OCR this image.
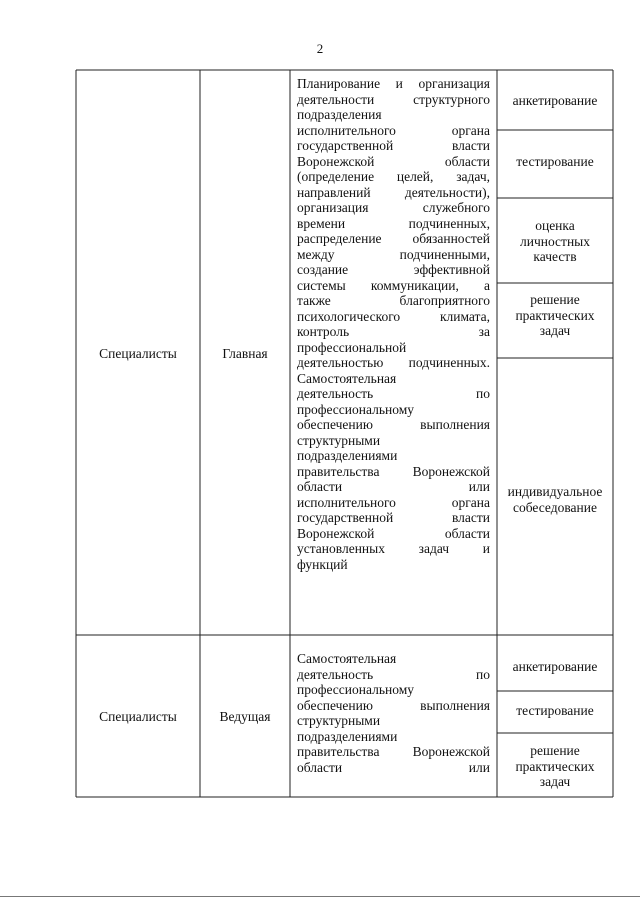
2
Специалисты	Главная
Планирование и организация
деятельности структурного
подразделения
исполнительного органа
государственной власти
Воронежской области
(определение целей, задач,
направлений деятельности),
организация служебного
времени подчиненных,
распределение обязанностей
между подчиненными,
создание эффективной
системы коммуникации, а
также благоприятного
психологического климата,
контроль за
профессиональной
деятельностью подчиненных.
Самостоятельная
деятельность по
профессиональному
обеспечению выполнения
структурными
подразделениями
правительства Воронежской
области или
исполнительного органа
государственной власти
Воронежской области
установленных задач и
функций
анкетирование
тестирование
оценка
личностных
качеств
решение
практических
задач
индивидуальное
собеседование
Специалисты	Ведущая
Самостоятельная
деятельность по
профессиональному
обеспечению выполнения
структурными
подразделениями
правительства Воронежской
области или
анкетирование
тестирование
решение
практических
задач
